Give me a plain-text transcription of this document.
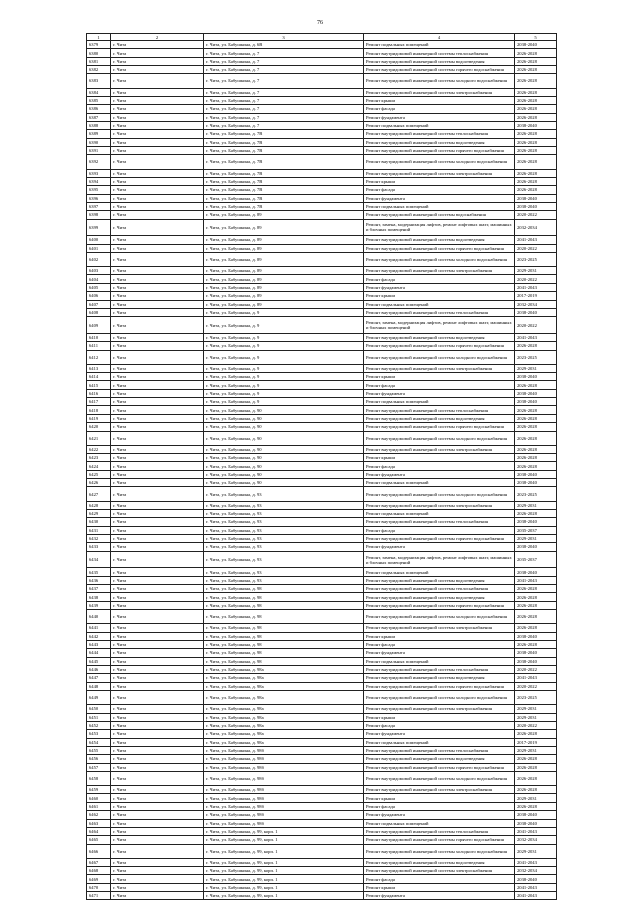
76
1	2	3	4	5
6379	г. Чита	г. Чита, ул. Бабушкина, д. 6В	Ремонт подвальных помещений	2038-2040
6380	г. Чита	г. Чита, ул. Бабушкина, д. 7	Ремонт внутридомовой инженерной системы теплоснабжения	2026-2028
6381	г. Чита	г. Чита, ул. Бабушкина, д. 7	Ремонт внутридомовой инженерной системы водоотведения	2026-2028
6382	г. Чита	г. Чита, ул. Бабушкина, д. 7	Ремонт внутридомовой инженерной системы горячего водоснабжения	2026-2028
6383	г. Чита	г. Чита, ул. Бабушкина, д. 7	Ремонт внутридомовой инженерной системы холодного водоснабжения	2026-2028
6384	г. Чита	г. Чита, ул. Бабушкина, д. 7	Ремонт внутридомовой инженерной системы электроснабжения	2026-2028
6385	г. Чита	г. Чита, ул. Бабушкина, д. 7	Ремонт крыши	2026-2028
6386	г. Чита	г. Чита, ул. Бабушкина, д. 7	Ремонт фасада	2026-2028
6387	г. Чита	г. Чита, ул. Бабушкина, д. 7	Ремонт фундамента	2026-2028
6388	г. Чита	г. Чита, ул. Бабушкина, д. 7	Ремонт подвальных помещений	2038-2040
6389	г. Чита	г. Чита, ул. Бабушкина, д. 7В	Ремонт внутридомовой инженерной системы теплоснабжения	2026-2028
6390	г. Чита	г. Чита, ул. Бабушкина, д. 7В	Ремонт внутридомовой инженерной системы водоотведения	2026-2028
6391	г. Чита	г. Чита, ул. Бабушкина, д. 7В	Ремонт внутридомовой инженерной системы горячего водоснабжения	2026-2028
6392	г. Чита	г. Чита, ул. Бабушкина, д. 7В	Ремонт внутридомовой инженерной системы холодного водоснабжения	2026-2028
6393	г. Чита	г. Чита, ул. Бабушкина, д. 7В	Ремонт внутридомовой инженерной системы электроснабжения	2026-2028
6394	г. Чита	г. Чита, ул. Бабушкина, д. 7В	Ремонт крыши	2026-2028
6395	г. Чита	г. Чита, ул. Бабушкина, д. 7В	Ремонт фасада	2026-2028
6396	г. Чита	г. Чита, ул. Бабушкина, д. 7В	Ремонт фундамента	2038-2040
6397	г. Чита	г. Чита, ул. Бабушкина, д. 7В	Ремонт подвальных помещений	2038-2040
6398	г. Чита	г. Чита, ул. Бабушкина, д. 89	Ремонт внутридомовой инженерной системы водоснабжения	2020-2022
6399	г. Чита	г. Чита, ул. Бабушкина, д. 89	Ремонт, замена, модернизация лифтов, ремонт лифтовых шахт, машинных и блочных помещений	2032-2034
6400	г. Чита	г. Чита, ул. Бабушкина, д. 89	Ремонт внутридомовой инженерной системы водоотведения	2041-2043
6401	г. Чита	г. Чита, ул. Бабушкина, д. 89	Ремонт внутридомовой инженерной системы горячего водоснабжения	2020-2022
6402	г. Чита	г. Чита, ул. Бабушкина, д. 89	Ремонт внутридомовой инженерной системы холодного водоснабжения	2023-2025
6403	г. Чита	г. Чита, ул. Бабушкина, д. 89	Ремонт внутридомовой инженерной системы электроснабжения	2029-2031
6404	г. Чита	г. Чита, ул. Бабушкина, д. 89	Ремонт фасада	2020-2022
6405	г. Чита	г. Чита, ул. Бабушкина, д. 89	Ремонт фундамента	2041-2043
6406	г. Чита	г. Чита, ул. Бабушкина, д. 89	Ремонт крыши	2017-2019
6407	г. Чита	г. Чита, ул. Бабушкина, д. 89	Ремонт подвальных помещений	2032-2034
6408	г. Чита	г. Чита, ул. Бабушкина, д. 9	Ремонт внутридомовой инженерной системы теплоснабжения	2038-2040
6409	г. Чита	г. Чита, ул. Бабушкина, д. 9	Ремонт, замена, модернизация лифтов, ремонт лифтовых шахт, машинных и блочных помещений	2020-2022
6410	г. Чита	г. Чита, ул. Бабушкина, д. 9	Ремонт внутридомовой инженерной системы водоотведения	2041-2043
6411	г. Чита	г. Чита, ул. Бабушкина, д. 9	Ремонт внутридомовой инженерной системы горячего водоснабжения	2026-2028
6412	г. Чита	г. Чита, ул. Бабушкина, д. 9	Ремонт внутридомовой инженерной системы холодного водоснабжения	2023-2025
6413	г. Чита	г. Чита, ул. Бабушкина, д. 9	Ремонт внутридомовой инженерной системы электроснабжения	2029-2031
6414	г. Чита	г. Чита, ул. Бабушкина, д. 9	Ремонт крыши	2038-2040
6415	г. Чита	г. Чита, ул. Бабушкина, д. 9	Ремонт фасада	2026-2028
6416	г. Чита	г. Чита, ул. Бабушкина, д. 9	Ремонт фундамента	2038-2040
6417	г. Чита	г. Чита, ул. Бабушкина, д. 9	Ремонт подвальных помещений	2038-2040
6418	г. Чита	г. Чита, ул. Бабушкина, д. 90	Ремонт внутридомовой инженерной системы теплоснабжения	2026-2028
6419	г. Чита	г. Чита, ул. Бабушкина, д. 90	Ремонт внутридомовой инженерной системы водоотведения	2026-2028
6420	г. Чита	г. Чита, ул. Бабушкина, д. 90	Ремонт внутридомовой инженерной системы горячего водоснабжения	2026-2028
6421	г. Чита	г. Чита, ул. Бабушкина, д. 90	Ремонт внутридомовой инженерной системы холодного водоснабжения	2026-2028
6422	г. Чита	г. Чита, ул. Бабушкина, д. 90	Ремонт внутридомовой инженерной системы электроснабжения	2026-2028
6423	г. Чита	г. Чита, ул. Бабушкина, д. 90	Ремонт крыши	2026-2028
6424	г. Чита	г. Чита, ул. Бабушкина, д. 90	Ремонт фасада	2026-2028
6425	г. Чита	г. Чита, ул. Бабушкина, д. 90	Ремонт фундамента	2038-2040
6426	г. Чита	г. Чита, ул. Бабушкина, д. 90	Ремонт подвальных помещений	2038-2040
6427	г. Чита	г. Чита, ул. Бабушкина, д. 93	Ремонт внутридомовой инженерной системы холодного водоснабжения	2023-2025
6428	г. Чита	г. Чита, ул. Бабушкина, д. 93	Ремонт внутридомовой инженерной системы электроснабжения	2029-2031
6429	г. Чита	г. Чита, ул. Бабушкина, д. 93	Ремонт подвальных помещений	2026-2028
6430	г. Чита	г. Чита, ул. Бабушкина, д. 93	Ремонт внутридомовой инженерной системы теплоснабжения	2038-2040
6431	г. Чита	г. Чита, ул. Бабушкина, д. 93	Ремонт фасада	2035-2037
6432	г. Чита	г. Чита, ул. Бабушкина, д. 93	Ремонт внутридомовой инженерной системы горячего водоснабжения	2029-2031
6433	г. Чита	г. Чита, ул. Бабушкина, д. 93	Ремонт фундамента	2038-2040
6434	г. Чита	г. Чита, ул. Бабушкина, д. 93	Ремонт, замена, модернизация лифтов, ремонт лифтовых шахт, машинных и блочных помещений	2035-2037
6435	г. Чита	г. Чита, ул. Бабушкина, д. 93	Ремонт подвальных помещений	2038-2040
6436	г. Чита	г. Чита, ул. Бабушкина, д. 93	Ремонт внутридомовой инженерной системы водоотведения	2041-2043
6437	г. Чита	г. Чита, ул. Бабушкина, д. 98	Ремонт внутридомовой инженерной системы теплоснабжения	2026-2028
6438	г. Чита	г. Чита, ул. Бабушкина, д. 98	Ремонт внутридомовой инженерной системы водоотведения	2026-2028
6439	г. Чита	г. Чита, ул. Бабушкина, д. 98	Ремонт внутридомовой инженерной системы горячего водоснабжения	2026-2028
6440	г. Чита	г. Чита, ул. Бабушкина, д. 98	Ремонт внутридомовой инженерной системы холодного водоснабжения	2026-2028
6441	г. Чита	г. Чита, ул. Бабушкина, д. 98	Ремонт внутридомовой инженерной системы электроснабжения	2026-2028
6442	г. Чита	г. Чита, ул. Бабушкина, д. 98	Ремонт крыши	2038-2040
6443	г. Чита	г. Чита, ул. Бабушкина, д. 98	Ремонт фасада	2026-2028
6444	г. Чита	г. Чита, ул. Бабушкина, д. 98	Ремонт фундамента	2038-2040
6445	г. Чита	г. Чита, ул. Бабушкина, д. 98	Ремонт подвальных помещений	2038-2040
6446	г. Чита	г. Чита, ул. Бабушкина, д. 98а	Ремонт внутридомовой инженерной системы теплоснабжения	2020-2022
6447	г. Чита	г. Чита, ул. Бабушкина, д. 98а	Ремонт внутридомовой инженерной системы водоотведения	2041-2043
6448	г. Чита	г. Чита, ул. Бабушкина, д. 98а	Ремонт внутридомовой инженерной системы горячего водоснабжения	2020-2022
6449	г. Чита	г. Чита, ул. Бабушкина, д. 98а	Ремонт внутридомовой инженерной системы холодного водоснабжения	2023-2025
6450	г. Чита	г. Чита, ул. Бабушкина, д. 98а	Ремонт внутридомовой инженерной системы электроснабжения	2029-2031
6451	г. Чита	г. Чита, ул. Бабушкина, д. 98а	Ремонт крыши	2029-2031
6452	г. Чита	г. Чита, ул. Бабушкина, д. 98а	Ремонт фасада	2020-2022
6453	г. Чита	г. Чита, ул. Бабушкина, д. 98а	Ремонт фундамента	2026-2028
6454	г. Чита	г. Чита, ул. Бабушкина, д. 98а	Ремонт подвальных помещений	2017-2019
6455	г. Чита	г. Чита, ул. Бабушкина, д. 98б	Ремонт внутридомовой инженерной системы теплоснабжения	2029-2031
6456	г. Чита	г. Чита, ул. Бабушкина, д. 98б	Ремонт внутридомовой инженерной системы водоотведения	2026-2028
6457	г. Чита	г. Чита, ул. Бабушкина, д. 98б	Ремонт внутридомовой инженерной системы горячего водоснабжения	2026-2028
6458	г. Чита	г. Чита, ул. Бабушкина, д. 98б	Ремонт внутридомовой инженерной системы холодного водоснабжения	2026-2028
6459	г. Чита	г. Чита, ул. Бабушкина, д. 98б	Ремонт внутридомовой инженерной системы электроснабжения	2026-2028
6460	г. Чита	г. Чита, ул. Бабушкина, д. 98б	Ремонт крыши	2029-2031
6461	г. Чита	г. Чита, ул. Бабушкина, д. 98б	Ремонт фасада	2026-2028
6462	г. Чита	г. Чита, ул. Бабушкина, д. 98б	Ремонт фундамента	2038-2040
6463	г. Чита	г. Чита, ул. Бабушкина, д. 98б	Ремонт подвальных помещений	2038-2040
6464	г. Чита	г. Чита, ул. Бабушкина, д. 99, корп. 1	Ремонт внутридомовой инженерной системы теплоснабжения	2041-2043
6465	г. Чита	г. Чита, ул. Бабушкина, д. 99, корп. 1	Ремонт внутридомовой инженерной системы горячего водоснабжения	2032-2034
6466	г. Чита	г. Чита, ул. Бабушкина, д. 99, корп. 1	Ремонт внутридомовой инженерной системы холодного водоснабжения	2029-2031
6467	г. Чита	г. Чита, ул. Бабушкина, д. 99, корп. 1	Ремонт внутридомовой инженерной системы водоотведения	2041-2043
6468	г. Чита	г. Чита, ул. Бабушкина, д. 99, корп. 1	Ремонт внутридомовой инженерной системы электроснабжения	2032-2034
6469	г. Чита	г. Чита, ул. Бабушкина, д. 99, корп. 1	Ремонт фасада	2038-2040
6470	г. Чита	г. Чита, ул. Бабушкина, д. 99, корп. 1	Ремонт крыши	2041-2043
6471	г. Чита	г. Чита, ул. Бабушкина, д. 99, корп. 1	Ремонт фундамента	2041-2043
